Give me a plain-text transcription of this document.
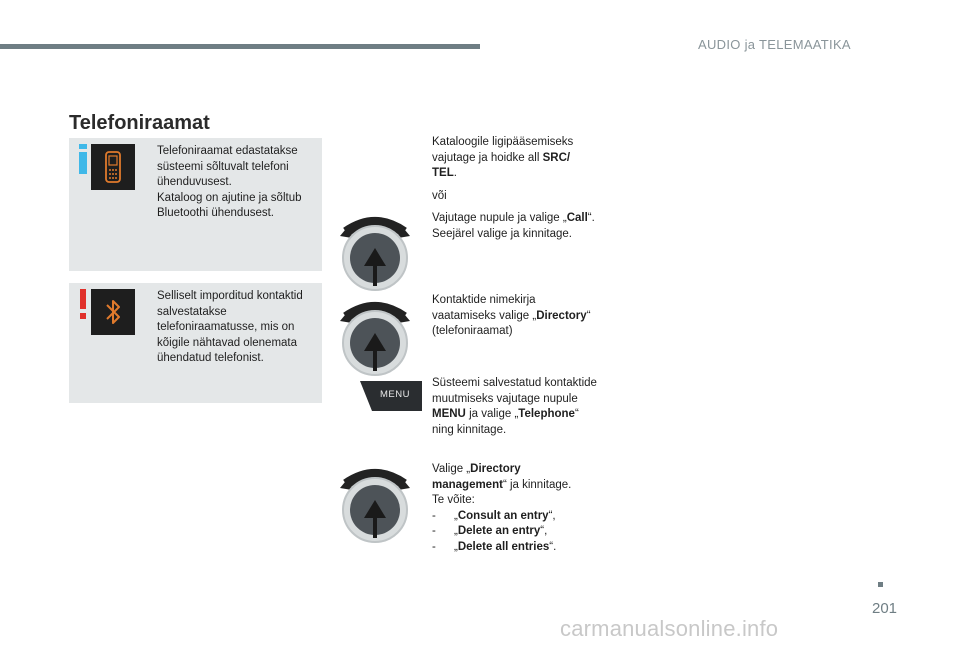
AUDIO ja TELEMAATIKA
Telefoniraamat
Telefoniraamat edastatakse süsteemi sõltuvalt telefoni ühenduvusest.
Kataloog on ajutine ja sõltub Bluetoothi ühendusest.
Selliselt imporditud kontaktid salvestatakse telefoniraamatusse, mis on kõigile nähtavad olenemata ühendatud telefonist.
MENU
Kataloogile ligipääsemiseks vajutage ja hoidke all SRC/ TEL.
või
Vajutage nupule ja valige „Call“. Seejärel valige ja kinnitage.
Kontaktide nimekirja vaatamiseks valige „Directory“ (telefoniraamat)
Süsteemi salvestatud kontaktide muutmiseks vajutage nupule MENU ja valige „Telephone“ ning kinnitage.
Valige „Directory management“ ja kinnitage.
Te võite:
- „Consult an entry“,
- „Delete an entry“,
- „Delete all entries“.
201
carmanualsonline.info
